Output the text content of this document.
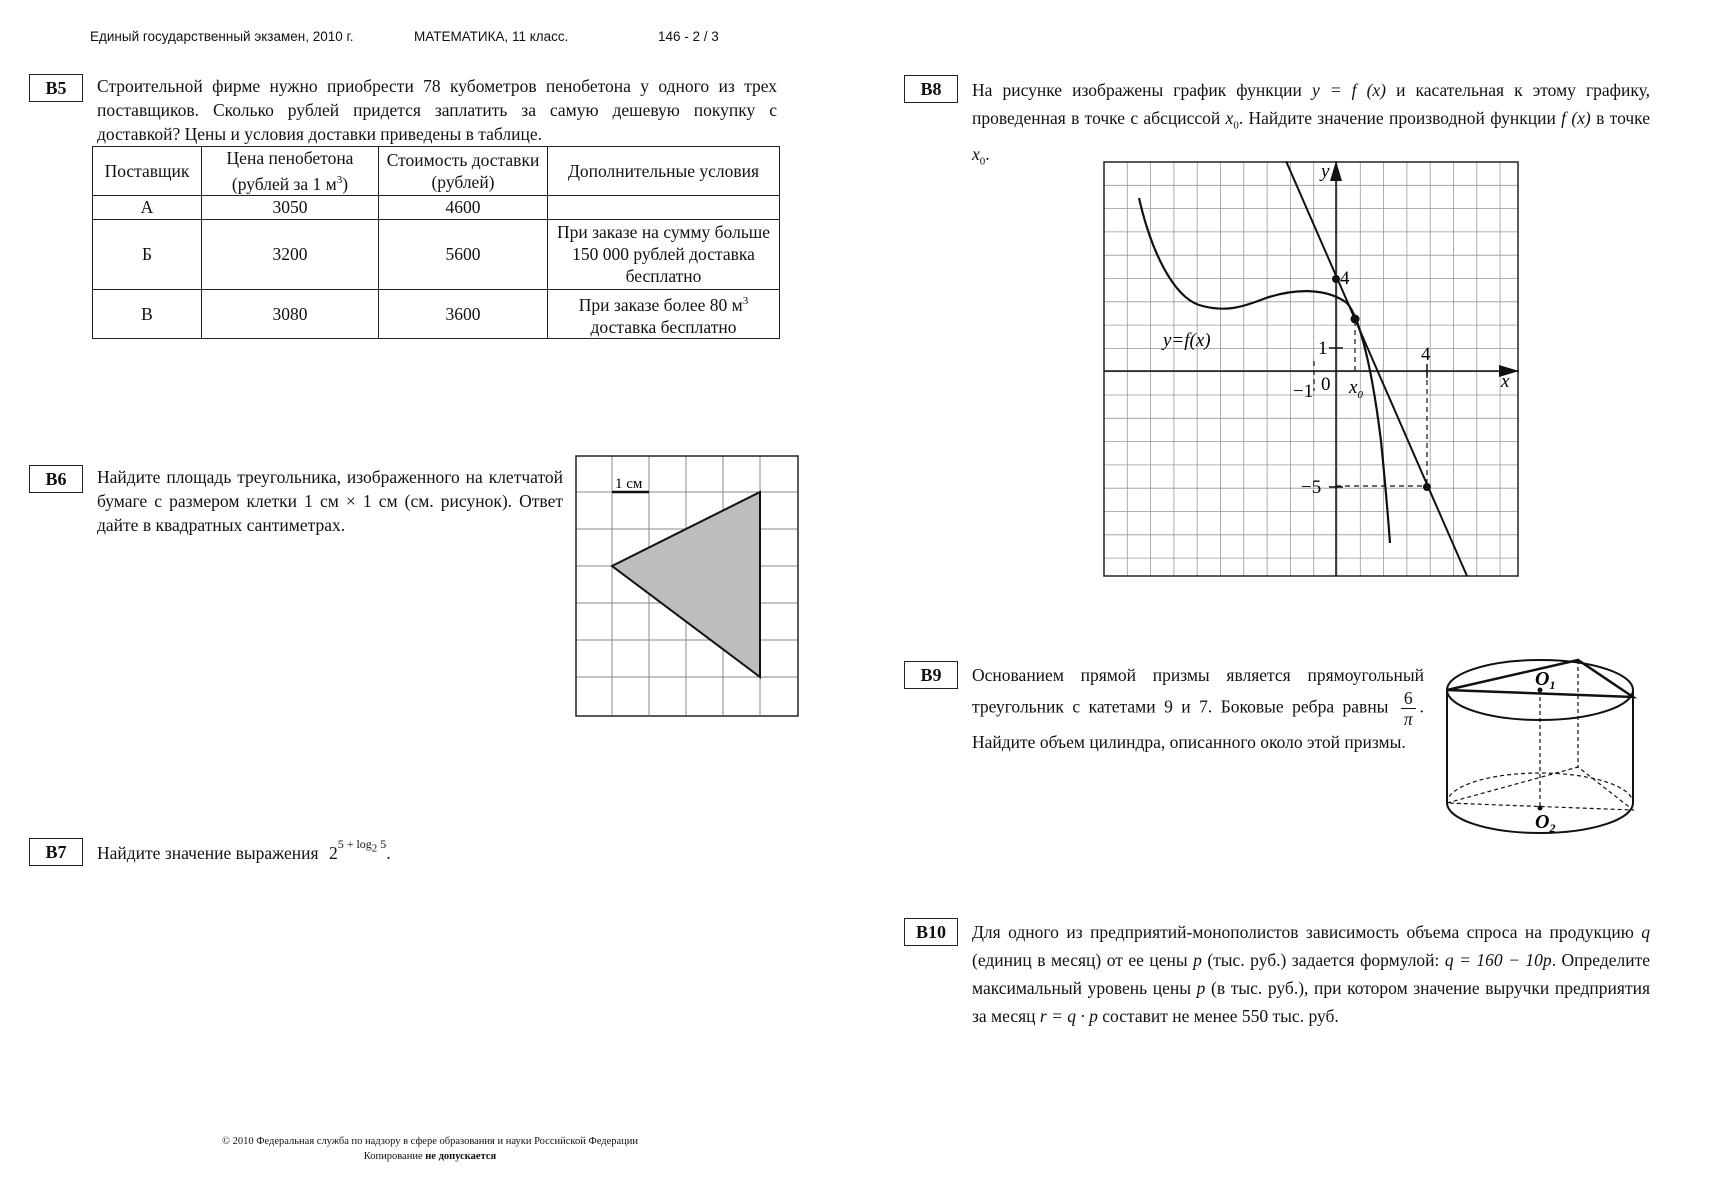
Единый государственный экзамен, 2010 г.	МАТЕМАТИКА, 11 класс.	146 - 2 / 3
B5	Строительной фирме нужно приобрести 78 кубометров пенобетона у одного из трех поставщиков. Сколько рублей придется заплатить за самую дешевую покупку с доставкой? Цены и условия доставки приведены в таблице.
Поставщик	Цена пенобетона (рублей за 1 $м^3$)	Стоимость доставки (рублей)	Дополнительные условия
А	3050	4600	
Б	3200	5600	При заказе на сумму больше 150 000 рублей доставка бесплатно
В	3080	3600	При заказе более 80 $м^3$
доставка бесплатно
B6	Найдите площадь треугольника, изображенного на клетчатой бумаге с размером клетки 1 см × 1 см (см. рисунок). Ответ дайте в квадратных сантиметрах.
1 см
B7	Найдите значение выражения $2^{5 + log_2 5}$.
B8	На рисунке изображены график функции y = f (x) и касательная к этому графику, проведенная в точке с абсциссой $x_0$. Найдите значение производной функции f (x) в точке $x_0$.
y
x
4
1
0
−1
4
−5
y=f(x)
$x_0$
B9	Основанием прямой призмы является прямоугольный треугольник с катетами 9 и 7. Боковые ребра равны $\frac{6}{\pi}$ . Найдите объем цилиндра, описанного около этой призмы.
$O_1$
$O_2$
B10	Для одного из предприятий-монополистов зависимость объема спроса на продукцию q (единиц в месяц) от ее цены p (тыс. руб.) задается формулой: q = 160 − 10p. Определите максимальный уровень цены p (в тыс. руб.), при котором значение выручки предприятия за месяц r = q · p составит не менее 550 тыс. руб.
© 2010 Федеральная служба по надзору в сфере образования и науки Российской Федерации
Копирование не допускается
